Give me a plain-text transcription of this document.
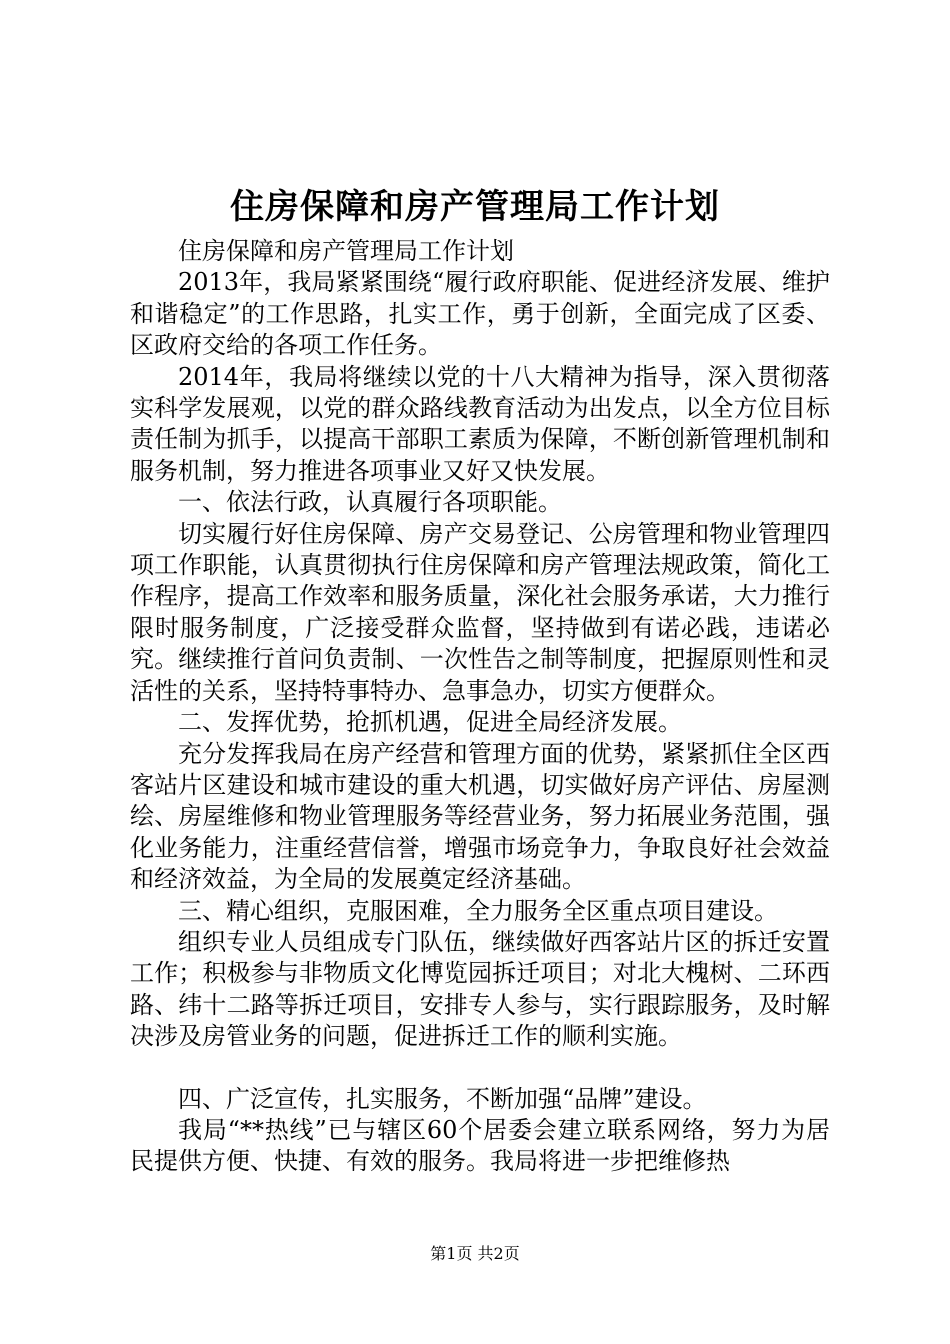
住房保障和房产管理局工作计划

住房保障和房产管理局工作计划

2013年，我局紧紧围绕“履行政府职能、促进经济发展、维护和谐稳定”的工作思路，扎实工作，勇于创新，全面完成了区委、区政府交给的各项工作任务。

2014年，我局将继续以党的十八大精神为指导，深入贯彻落实科学发展观，以党的群众路线教育活动为出发点，以全方位目标责任制为抓手，以提高干部职工素质为保障，不断创新管理机制和服务机制，努力推进各项事业又好又快发展。

一、依法行政，认真履行各项职能。

切实履行好住房保障、房产交易登记、公房管理和物业管理四项工作职能，认真贯彻执行住房保障和房产管理法规政策，简化工作程序，提高工作效率和服务质量，深化社会服务承诺，大力推行限时服务制度，广泛接受群众监督，坚持做到有诺必践，违诺必究。继续推行首问负责制、一次性告之制等制度，把握原则性和灵活性的关系，坚持特事特办、急事急办，切实方便群众。

二、发挥优势，抢抓机遇，促进全局经济发展。

充分发挥我局在房产经营和管理方面的优势，紧紧抓住全区西客站片区建设和城市建设的重大机遇，切实做好房产评估、房屋测绘、房屋维修和物业管理服务等经营业务，努力拓展业务范围，强化业务能力，注重经营信誉，增强市场竞争力，争取良好社会效益和经济效益，为全局的发展奠定经济基础。

三、精心组织，克服困难，全力服务全区重点项目建设。

组织专业人员组成专门队伍，继续做好西客站片区的拆迁安置工作；积极参与非物质文化博览园拆迁项目；对北大槐树、二环西路、纬十二路等拆迁项目，安排专人参与，实行跟踪服务，及时解决涉及房管业务的问题，促进拆迁工作的顺利实施。

四、广泛宣传，扎实服务，不断加强“品牌”建设。

我局“**热线”已与辖区60个居委会建立联系网络，努力为居民提供方便、快捷、有效的服务。我局将进一步把维修热

第1页 共2页
